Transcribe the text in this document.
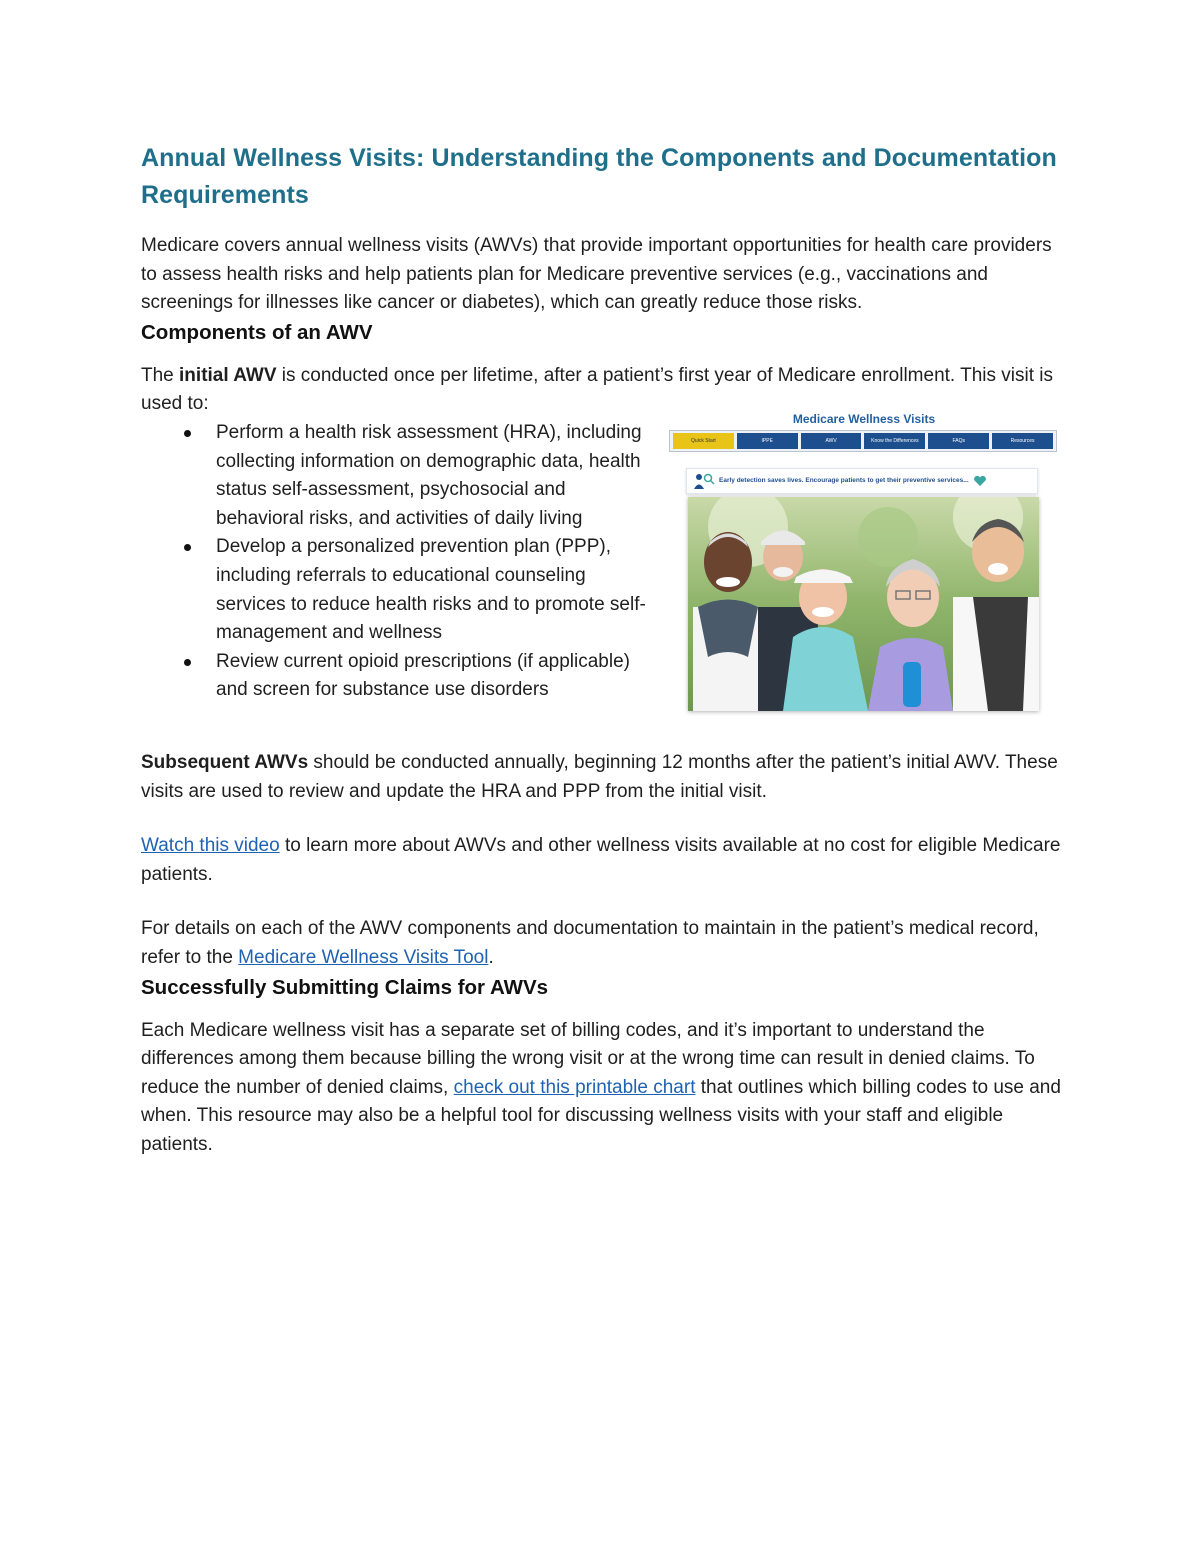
Annual Wellness Visits: Understanding the Components and Documentation Requirements

Medicare covers annual wellness visits (AWVs) that provide important opportunities for health care providers to assess health risks and help patients plan for Medicare preventive services (e.g., vaccinations and screenings for illnesses like cancer or diabetes), which can greatly reduce those risks.

Components of an AWV

The initial AWV is conducted once per lifetime, after a patient’s first year of Medicare enrollment. This visit is used to:

Perform a health risk assessment (HRA), including collecting information on demographic data, health status self-assessment, psychosocial and behavioral risks, and activities of daily living
Develop a personalized prevention plan (PPP), including referrals to educational counseling services to reduce health risks and to promote self-management and wellness
Review current opioid prescriptions (if applicable) and screen for substance use disorders
Medicare Wellness Visits
Quick Start	IPPE	AWV	Know the Differences	FAQs	Resources
Early detection saves lives. Encourage patients to get their preventive services...

Subsequent AWVs should be conducted annually, beginning 12 months after the patient’s initial AWV. These visits are used to review and update the HRA and PPP from the initial visit.

Watch this video to learn more about AWVs and other wellness visits available at no cost for eligible Medicare patients.

For details on each of the AWV components and documentation to maintain in the patient’s medical record, refer to the Medicare Wellness Visits Tool.

Successfully Submitting Claims for AWVs

Each Medicare wellness visit has a separate set of billing codes, and it’s important to understand the differences among them because billing the wrong visit or at the wrong time can result in denied claims. To reduce the number of denied claims, check out this printable chart that outlines which billing codes to use and when. This resource may also be a helpful tool for discussing wellness visits with your staff and eligible patients.
